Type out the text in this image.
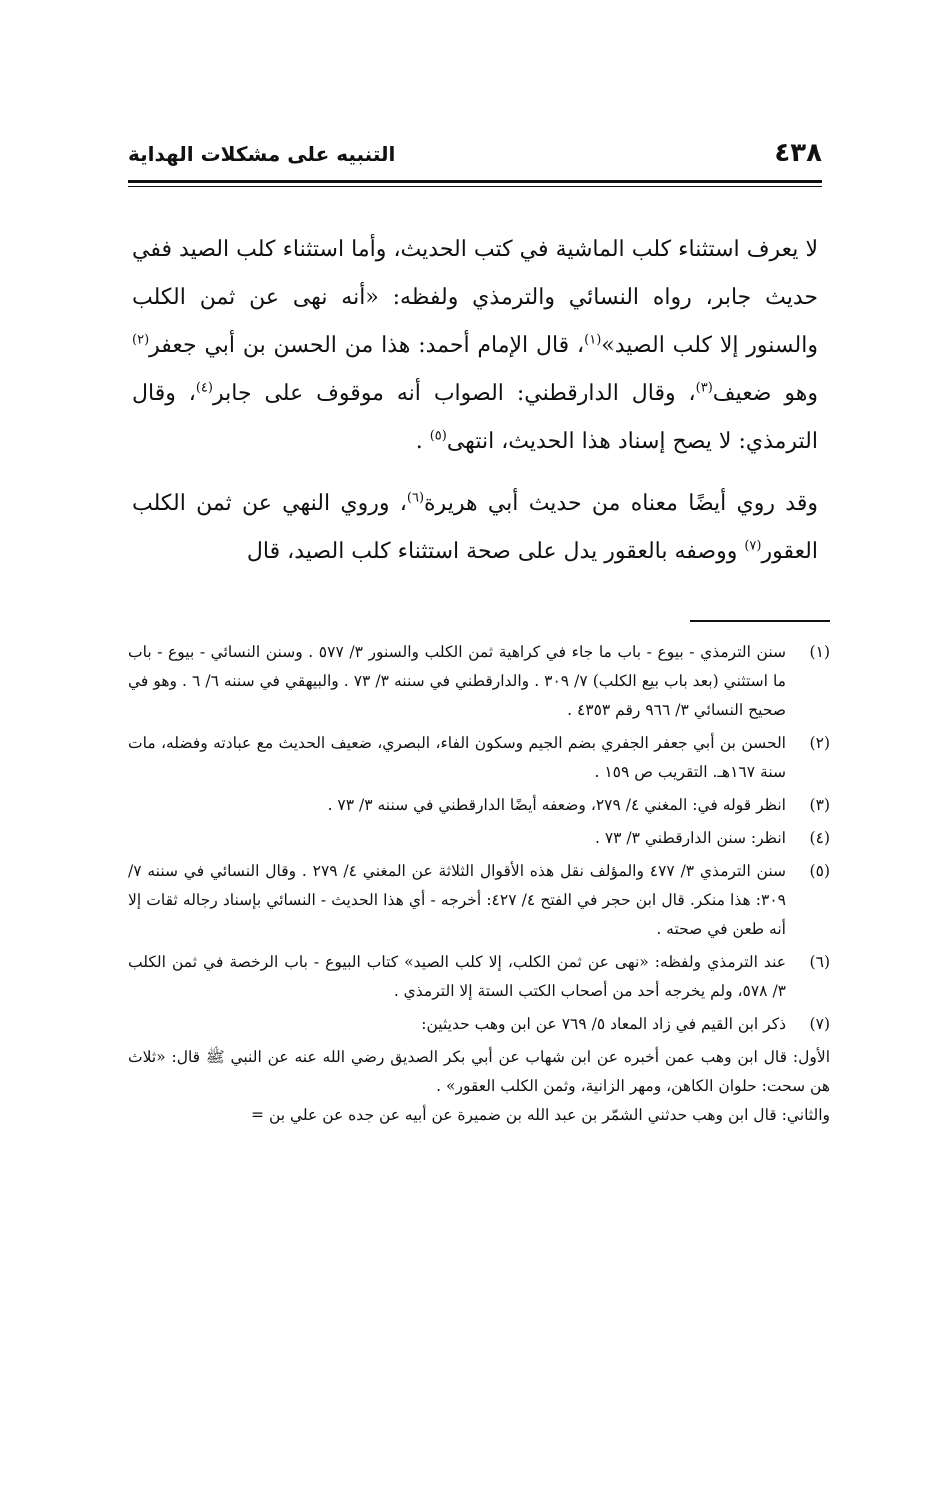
٤٣٨
التنبيه على مشكلات الهداية

لا يعرف استثناء كلب الماشية في كتب الحديث، وأما استثناء كلب الصيد ففي حديث جابر، رواه النسائي والترمذي ولفظه: «أنه نهى عن ثمن الكلب والسنور إلا كلب الصيد»$^{(١)}$، قال الإمام أحمد: هذا من الحسن بن أبي جعفر$^{(٢)}$ وهو ضعيف$^{(٣)}$، وقال الدارقطني: الصواب أنه موقوف على جابر$^{(٤)}$، وقال الترمذي: لا يصح إسناد هذا الحديث، انتهى$^{(٥)}$ .

وقد روي أيضًا معناه من حديث أبي هريرة$^{(٦)}$، وروي النهي عن ثمن الكلب العقور$^{(٧)}$ ووصفه بالعقور يدل على صحة استثناء كلب الصيد، قال

(١)
سنن الترمذي - بيوع - باب ما جاء في كراهية ثمن الكلب والسنور ٣/ ٥٧٧ . وسنن النسائي - بيوع - باب ما استثني (بعد باب بيع الكلب) ٧/ ٣٠٩ . والدارقطني في سننه ٣/ ٧٣ . والبيهقي في سننه ٦/ ٦ . وهو في صحيح النسائي ٣/ ٩٦٦ رقم ٤٣٥٣ .
(٢)
الحسن بن أبي جعفر الجفري بضم الجيم وسكون الفاء، البصري، ضعيف الحديث مع عبادته وفضله، مات سنة ١٦٧هـ. التقريب ص ١٥٩ .
(٣)
انظر قوله في: المغني ٤/ ٢٧٩، وضعفه أيضًا الدارقطني في سننه ٣/ ٧٣ .
(٤)
انظر: سنن الدارقطني ٣/ ٧٣ .
(٥)
سنن الترمذي ٣/ ٤٧٧ والمؤلف نقل هذه الأقوال الثلاثة عن المغني ٤/ ٢٧٩ . وقال النسائي في سننه ٧/ ٣٠٩: هذا منكر. قال ابن حجر في الفتح ٤/ ٤٢٧: أخرجه - أي هذا الحديث - النسائي بإسناد رجاله ثقات إلا أنه طعن في صحته .
(٦)
عند الترمذي ولفظه: «نهى عن ثمن الكلب، إلا كلب الصيد» كتاب البيوع - باب الرخصة في ثمن الكلب ٣/ ٥٧٨، ولم يخرجه أحد من أصحاب الكتب الستة إلا الترمذي .
(٧)
ذكر ابن القيم في زاد المعاد ٥/ ٧٦٩ عن ابن وهب حديثين:
الأول: قال ابن وهب عمن أخبره عن ابن شهاب عن أبي بكر الصديق رضي الله عنه عن النبي ﷺ قال: «ثلاث هن سحت: حلوان الكاهن، ومهر الزانية، وثمن الكلب العقور» .
والثاني: قال ابن وهب حدثني الشمّر بن عبد الله بن ضميرة عن أبيه عن جده عن علي بن =
